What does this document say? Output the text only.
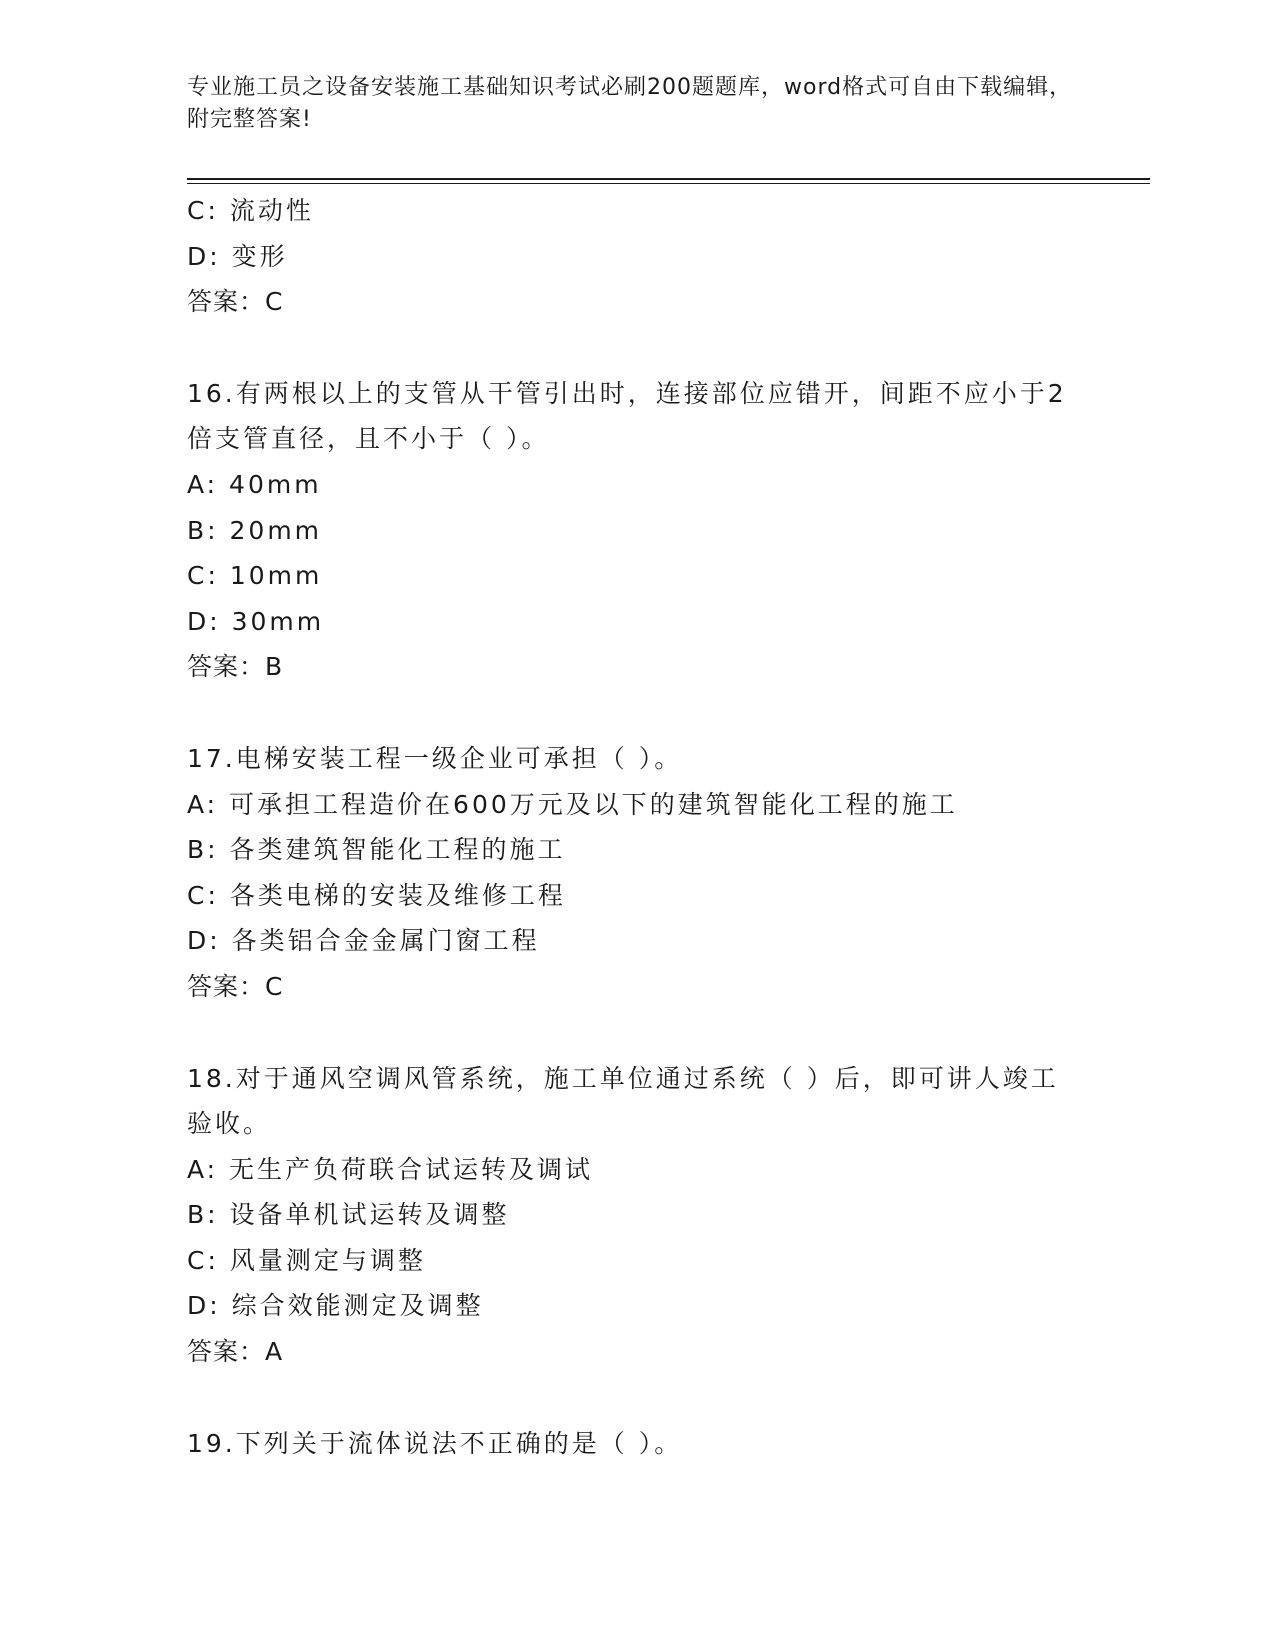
专业施工员之设备安装施工基础知识考试必刷200题题库，word格式可自由下载编辑，附完整答案!
C: 流动性
D: 变形
答案：C
16.有两根以上的支管从干管引出时，连接部位应错开，间距不应小于2倍支管直径，且不小于（ ）。
A: 40mm
B: 20mm
C: 10mm
D: 30mm
答案：B
17.电梯安装工程一级企业可承担（ ）。
A: 可承担工程造价在600万元及以下的建筑智能化工程的施工
B: 各类建筑智能化工程的施工
C: 各类电梯的安装及维修工程
D: 各类铝合金金属门窗工程
答案：C
18.对于通风空调风管系统，施工单位通过系统（ ）后，即可讲人竣工验收。
A: 无生产负荷联合试运转及调试
B: 设备单机试运转及调整
C: 风量测定与调整
D: 综合效能测定及调整
答案：A
19.下列关于流体说法不正确的是（ ）。
